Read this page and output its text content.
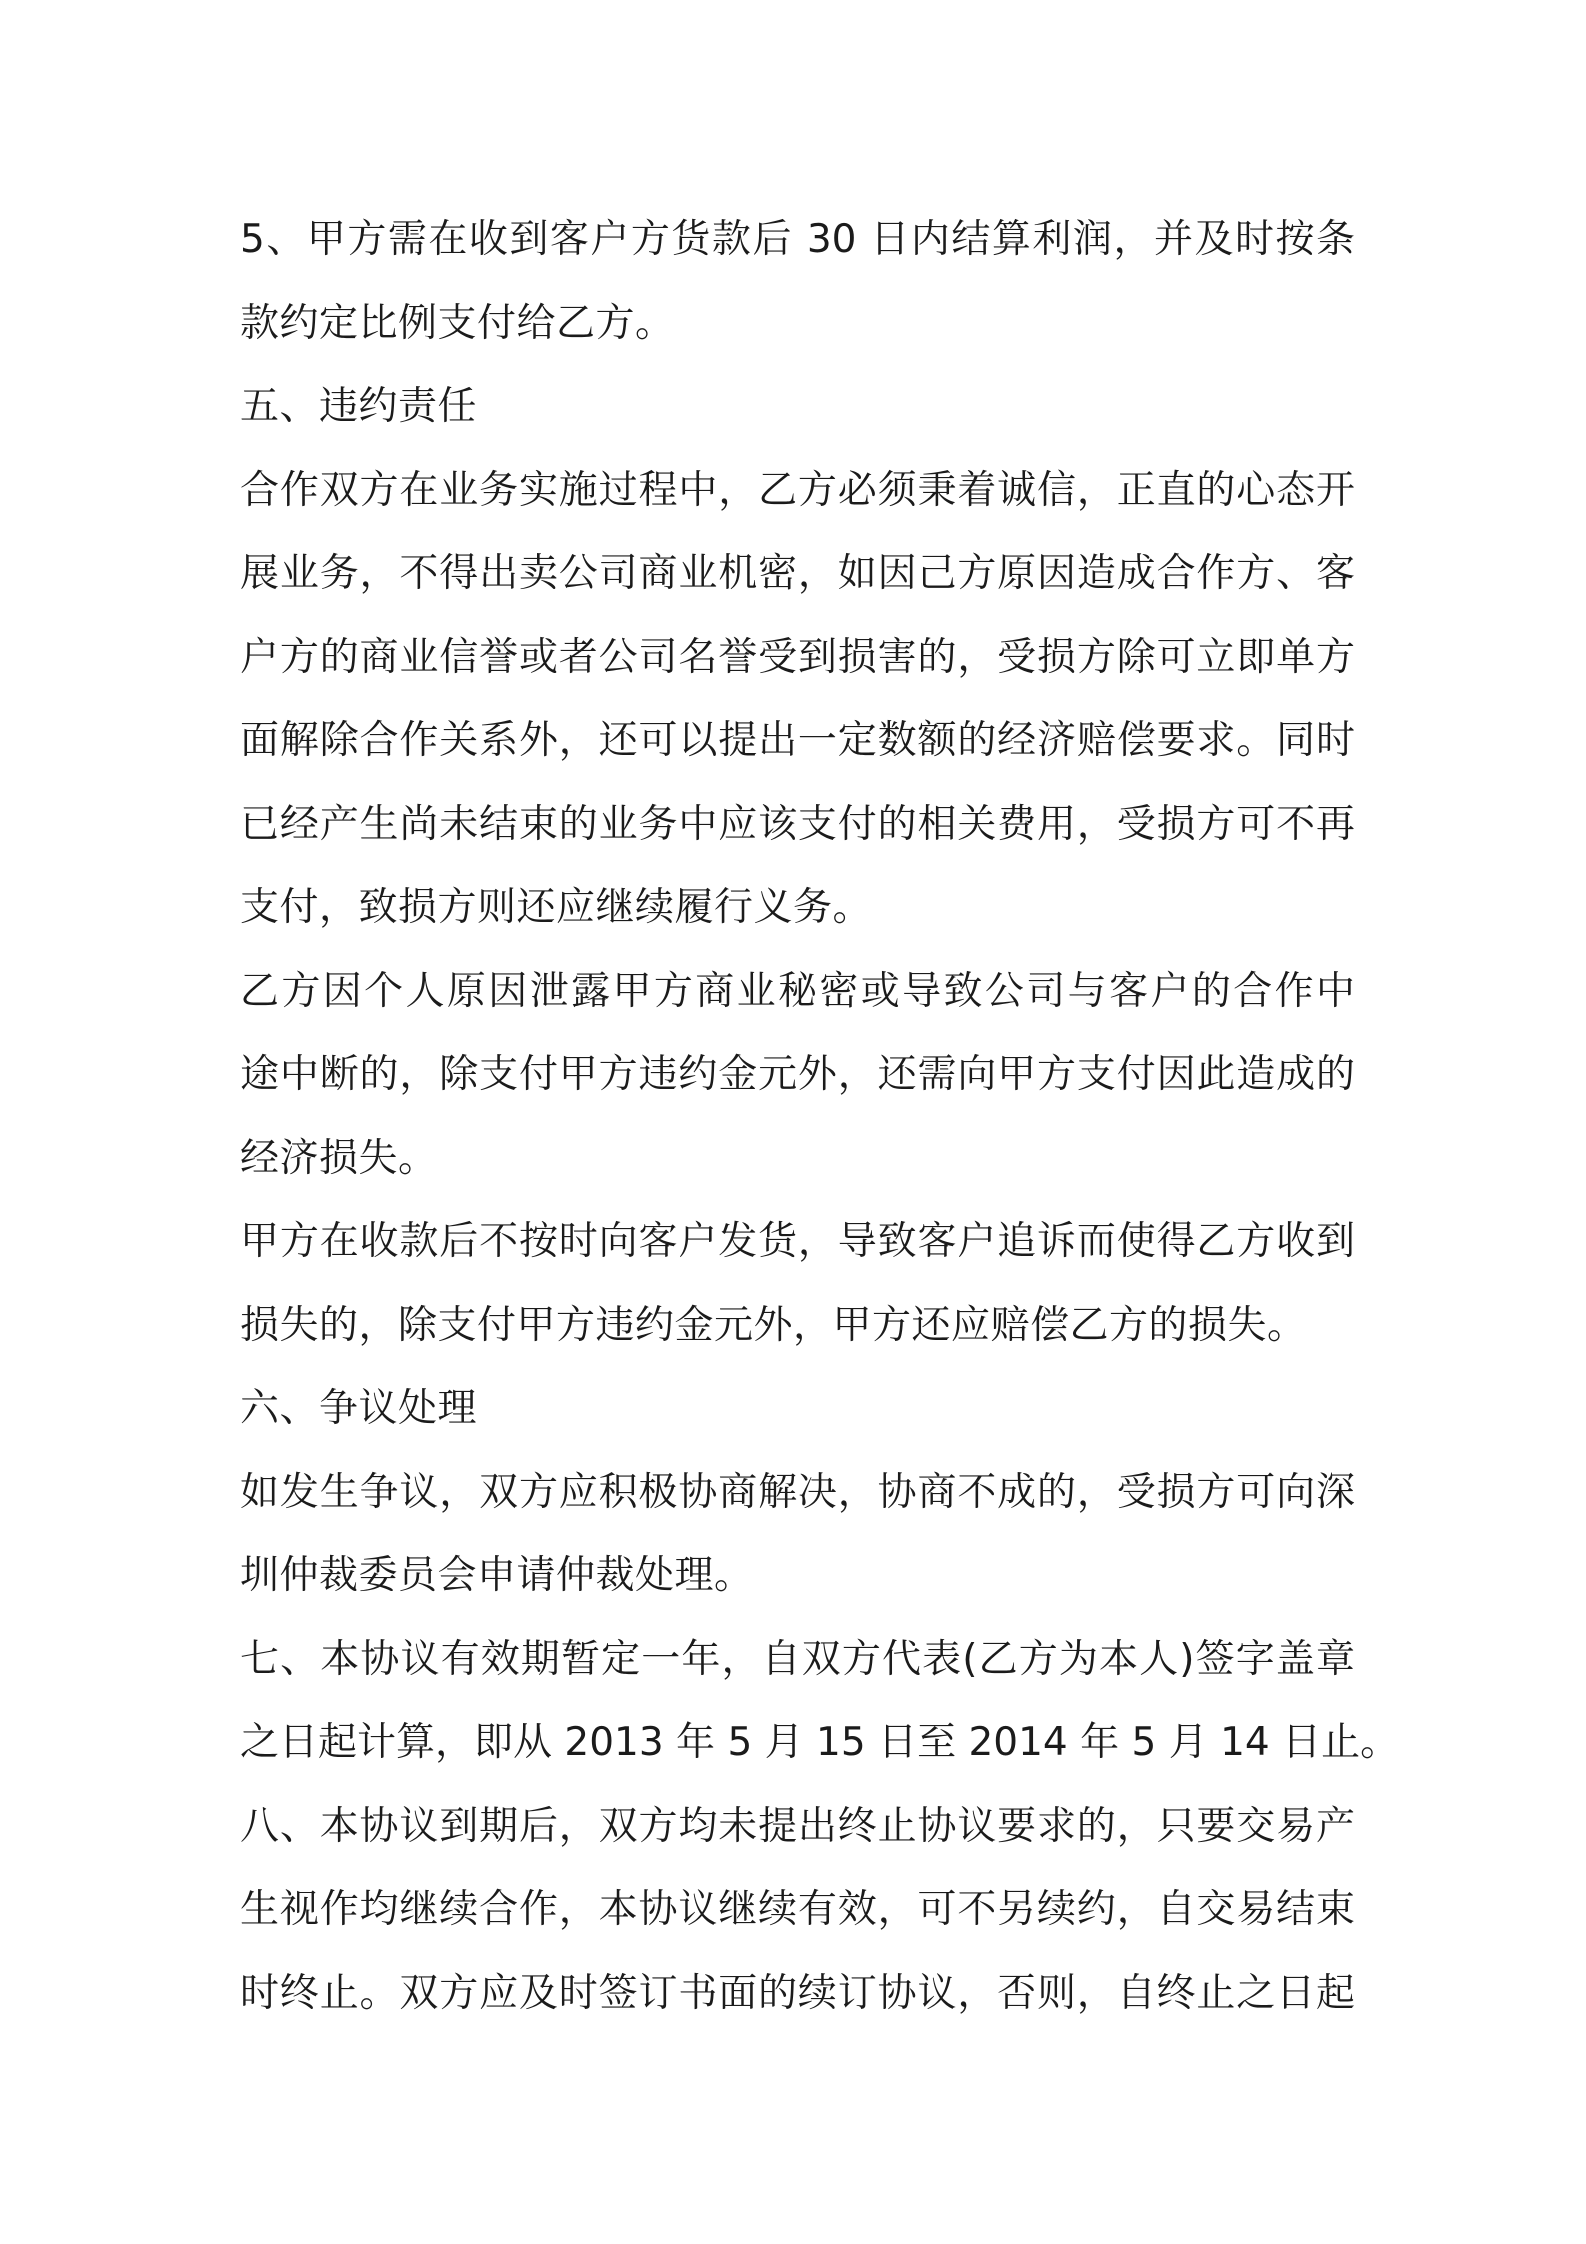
5、甲方需在收到客户方货款后 30 日内结算利润，并及时按条
款约定比例支付给乙方。
五、违约责任
合作双方在业务实施过程中，乙方必须秉着诚信，正直的心态开
展业务，不得出卖公司商业机密，如因己方原因造成合作方、客
户方的商业信誉或者公司名誉受到损害的，受损方除可立即单方
面解除合作关系外，还可以提出一定数额的经济赔偿要求。同时
已经产生尚未结束的业务中应该支付的相关费用，受损方可不再
支付，致损方则还应继续履行义务。
乙方因个人原因泄露甲方商业秘密或导致公司与客户的合作中
途中断的，除支付甲方违约金元外，还需向甲方支付因此造成的
经济损失。
甲方在收款后不按时向客户发货，导致客户追诉而使得乙方收到
损失的，除支付甲方违约金元外，甲方还应赔偿乙方的损失。
六、争议处理
如发生争议，双方应积极协商解决，协商不成的，受损方可向深
圳仲裁委员会申请仲裁处理。
七、本协议有效期暂定一年，自双方代表(乙方为本人)签字盖章
之日起计算，即从 2013 年 5 月 15 日至 2014 年 5 月 14 日止。
八、本协议到期后，双方均未提出终止协议要求的，只要交易产
生视作均继续合作，本协议继续有效，可不另续约，自交易结束
时终止。双方应及时签订书面的续订协议，否则，自终止之日起
